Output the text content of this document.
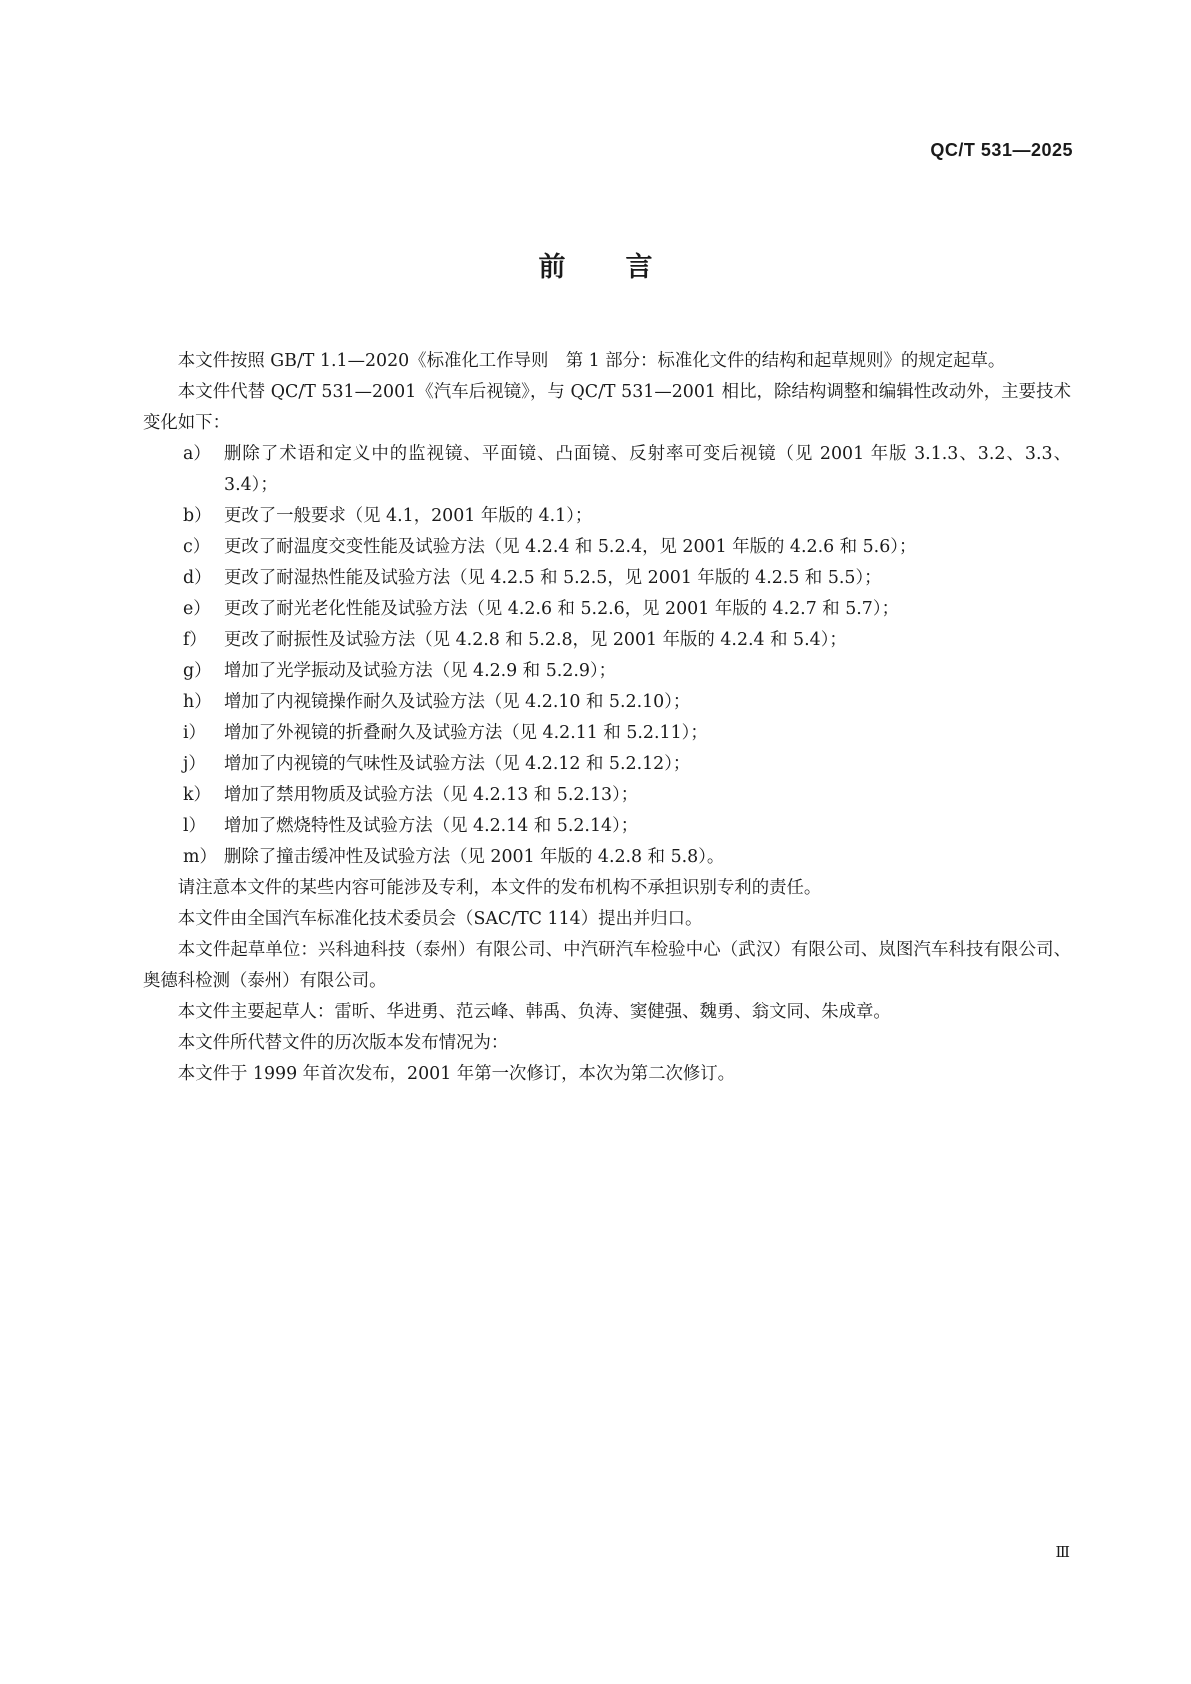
QC/T 531—2025
前言

本文件按照 GB/T 1.1—2020《标准化工作导则　第 1 部分：标准化文件的结构和起草规则》的规定起草。

本文件代替 QC/T 531—2001《汽车后视镜》，与 QC/T 531—2001 相比，除结构调整和编辑性改动外，主要技术变化如下：

a） 删除了术语和定义中的监视镜、平面镜、凸面镜、反射率可变后视镜（见 2001 年版 3.1.3、3.2、3.3、3.4）；
b） 更改了一般要求（见 4.1，2001 年版的 4.1）；
c） 更改了耐温度交变性能及试验方法（见 4.2.4 和 5.2.4，见 2001 年版的 4.2.6 和 5.6）；
d） 更改了耐湿热性能及试验方法（见 4.2.5 和 5.2.5，见 2001 年版的 4.2.5 和 5.5）；
e） 更改了耐光老化性能及试验方法（见 4.2.6 和 5.2.6，见 2001 年版的 4.2.7 和 5.7）；
f） 更改了耐振性及试验方法（见 4.2.8 和 5.2.8，见 2001 年版的 4.2.4 和 5.4）；
g） 增加了光学振动及试验方法（见 4.2.9 和 5.2.9）；
h） 增加了内视镜操作耐久及试验方法（见 4.2.10 和 5.2.10）；
i） 增加了外视镜的折叠耐久及试验方法（见 4.2.11 和 5.2.11）；
j） 增加了内视镜的气味性及试验方法（见 4.2.12 和 5.2.12）；
k） 增加了禁用物质及试验方法（见 4.2.13 和 5.2.13）；
l） 增加了燃烧特性及试验方法（见 4.2.14 和 5.2.14）；
m） 删除了撞击缓冲性及试验方法（见 2001 年版的 4.2.8 和 5.8）。

请注意本文件的某些内容可能涉及专利，本文件的发布机构不承担识别专利的责任。

本文件由全国汽车标准化技术委员会（SAC/TC 114）提出并归口。

本文件起草单位：兴科迪科技（泰州）有限公司、中汽研汽车检验中心（武汉）有限公司、岚图汽车科技有限公司、奥德科检测（泰州）有限公司。

本文件主要起草人：雷昕、华进勇、范云峰、韩禹、负涛、窦健强、魏勇、翁文同、朱成章。

本文件所代替文件的历次版本发布情况为：

本文件于 1999 年首次发布，2001 年第一次修订，本次为第二次修订。

Ⅲ
